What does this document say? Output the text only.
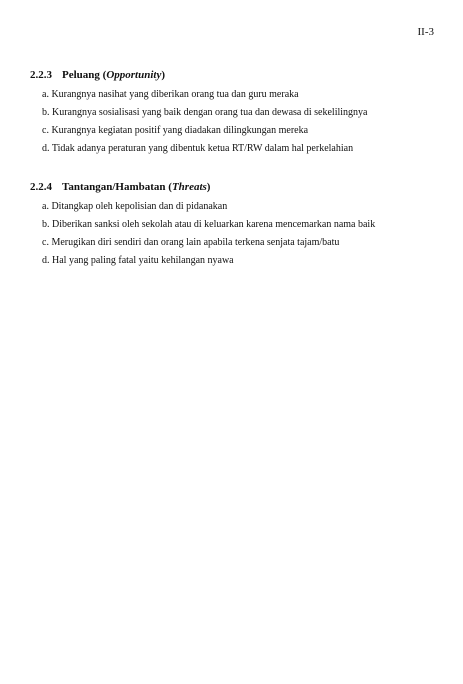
II-3
2.2.3 Peluang (Opportunity)
a. Kurangnya nasihat yang diberikan orang tua dan guru meraka
b. Kurangnya sosialisasi yang baik dengan orang tua dan dewasa di sekelilingnya
c. Kurangnya kegiatan positif yang diadakan dilingkungan mereka
d. Tidak adanya peraturan yang dibentuk ketua RT/RW dalam hal perkelahian
2.2.4 Tantangan/Hambatan (Threats)
a. Ditangkap oleh kepolisian dan di pidanakan
b. Diberikan sanksi oleh sekolah atau di keluarkan karena mencemarkan nama baik
c. Merugikan diri sendiri dan orang lain apabila terkena senjata tajam/batu
d. Hal yang paling fatal yaitu kehilangan nyawa
